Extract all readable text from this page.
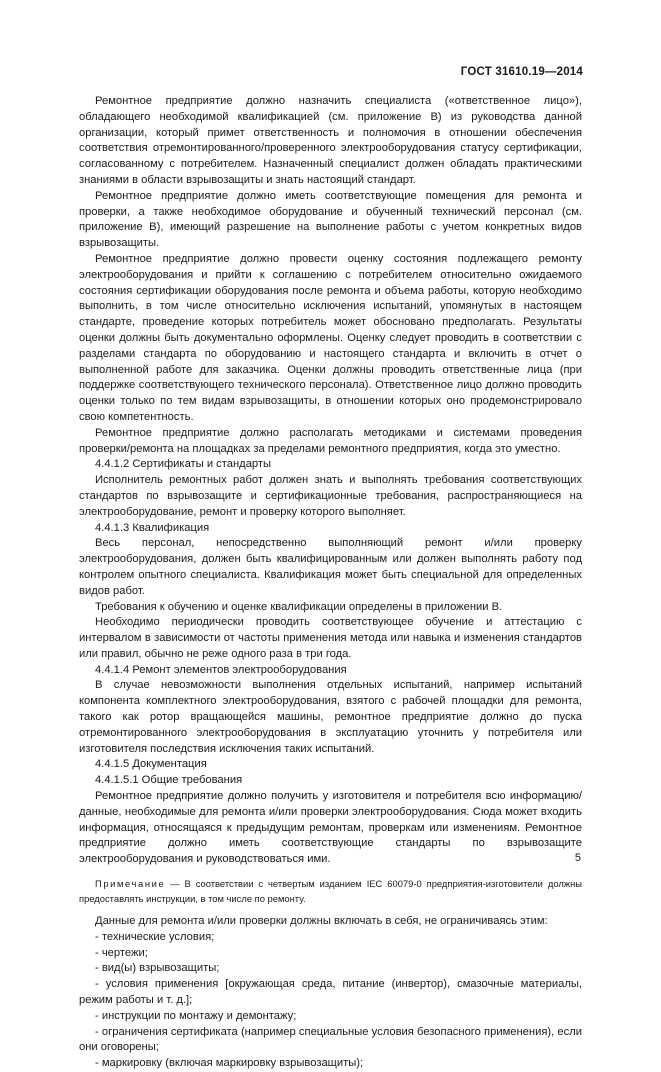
ГОСТ 31610.19—2014

Ремонтное предприятие должно назначить специалиста («ответственное лицо»), обладающего необходимой квалификацией (см. приложение В) из руководства данной организации, который примет ответственность и полномочия в отношении обеспечения соответствия отремонтированного/проверенного электрооборудования статусу сертификации, согласованному с потребителем. Назначенный специалист должен обладать практическими знаниями в области взрывозащиты и знать настоящий стандарт.

Ремонтное предприятие должно иметь соответствующие помещения для ремонта и проверки, а также необходимое оборудование и обученный технический персонал (см. приложение В), имеющий разрешение на выполнение работы с учетом конкретных видов взрывозащиты.

Ремонтное предприятие должно провести оценку состояния подлежащего ремонту электрооборудования и прийти к соглашению с потребителем относительно ожидаемого состояния сертификации оборудования после ремонта и объема работы, которую необходимо выполнить, в том числе относительно исключения испытаний, упомянутых в настоящем стандарте, проведение которых потребитель может обосновано предполагать. Результаты оценки должны быть документально оформлены. Оценку следует проводить в соответствии с разделами стандарта по оборудованию и настоящего стандарта и включить в отчет о выполненной работе для заказчика. Оценки должны проводить ответственные лица (при поддержке соответствующего технического персонала). Ответственное лицо должно проводить оценки только по тем видам взрывозащиты, в отношении которых оно продемонстрировало свою компетентность.

Ремонтное предприятие должно располагать методиками и системами проведения проверки/ремонта на площадках за пределами ремонтного предприятия, когда это уместно.

4.4.1.2 Сертификаты и стандарты

Исполнитель ремонтных работ должен знать и выполнять требования соответствующих стандартов по взрывозащите и сертификационные требования, распространяющиеся на электрооборудование, ремонт и проверку которого выполняет.

4.4.1.3 Квалификация

Весь персонал, непосредственно выполняющий ремонт и/или проверку электрооборудования, должен быть квалифицированным или должен выполнять работу под контролем опытного специалиста. Квалификация может быть специальной для определенных видов работ.

Требования к обучению и оценке квалификации определены в приложении В.

Необходимо периодически проводить соответствующее обучение и аттестацию с интервалом в зависимости от частоты применения метода или навыка и изменения стандартов или правил, обычно не реже одного раза в три года.

4.4.1.4 Ремонт элементов электрооборудования

В случае невозможности выполнения отдельных испытаний, например испытаний компонента комплектного электрооборудования, взятого с рабочей площадки для ремонта, такого как ротор вращающейся машины, ремонтное предприятие должно до пуска отремонтированного электрооборудования в эксплуатацию уточнить у потребителя или изготовителя последствия исключения таких испытаний.

4.4.1.5 Документация

4.4.1.5.1 Общие требования

Ремонтное предприятие должно получить у изготовителя и потребителя всю информацию/данные, необходимые для ремонта и/или проверки электрооборудования. Сюда может входить информация, относящаяся к предыдущим ремонтам, проверкам или изменениям. Ремонтное предприятие должно иметь соответствующие стандарты по взрывозащите электрооборудования и руководствоваться ими.

Примечание — В соответствии с четвертым изданием IEC 60079-0 предприятия-изготовители должны предоставлять инструкции, в том числе по ремонту.

Данные для ремонта и/или проверки должны включать в себя, не ограничиваясь этим:

- технические условия;
- чертежи;
- вид(ы) взрывозащиты;
- условия применения [окружающая среда, питание (инвертор), смазочные материалы, режим работы и т. д.];
- инструкции по монтажу и демонтажу;
- ограничения сертификата (например специальные условия безопасного применения), если они оговорены;
- маркировку (включая маркировку взрывозащиты);
5
